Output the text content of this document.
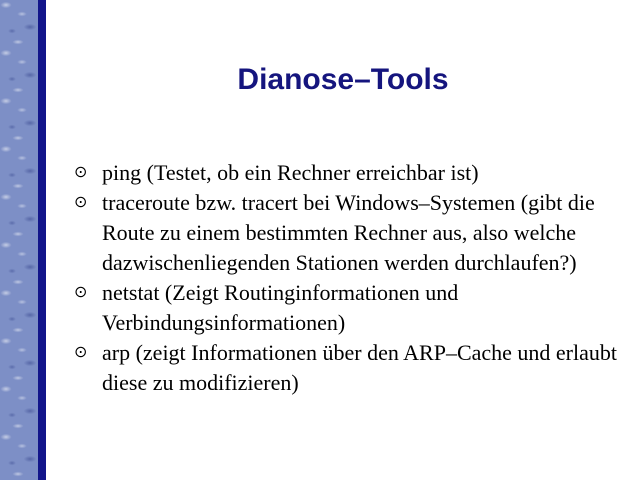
Dianose–Tools
⊙ ping (Testet, ob ein Rechner erreichbar ist)
⊙ traceroute bzw. tracert bei Windows–Systemen (gibt die Route zu einem bestimmten Rechner aus, also welche dazwischenliegenden Stationen werden durchlaufen?)
⊙ netstat (Zeigt Routinginformationen und Verbindungsinformationen)
⊙ arp (zeigt Informationen über den ARP–Cache und erlaubt diese zu modifizieren)
